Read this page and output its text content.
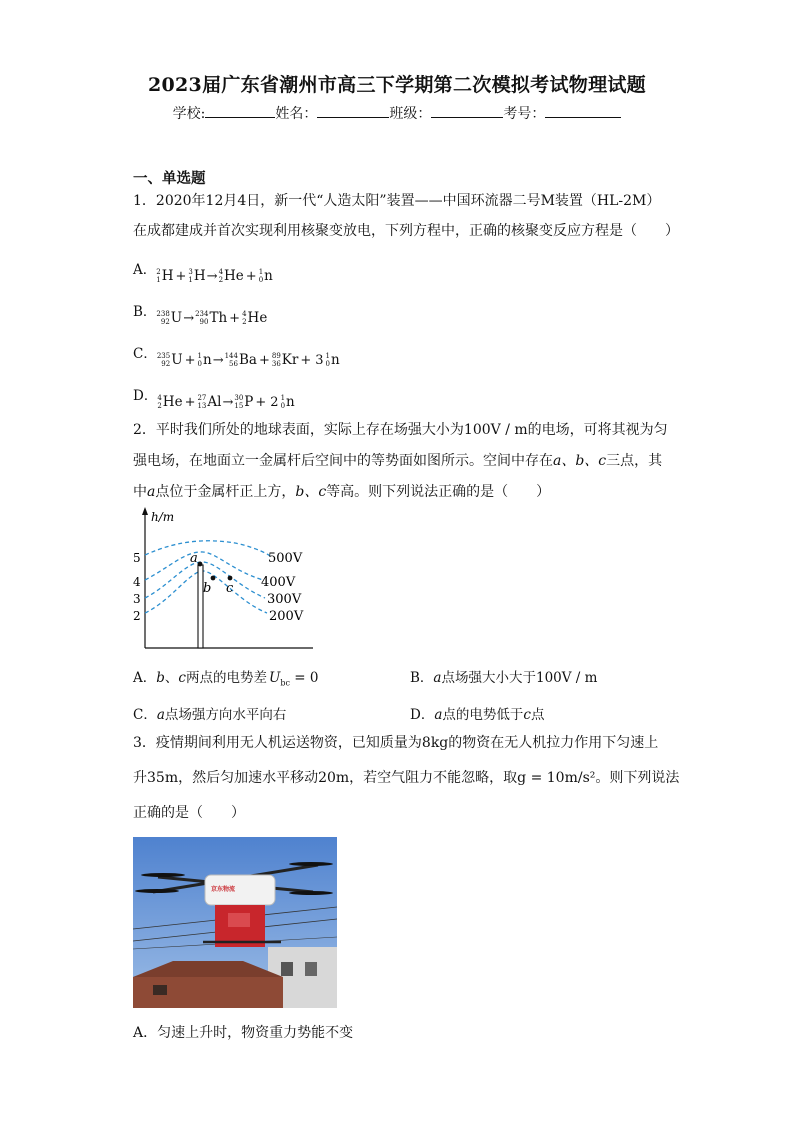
2023届广东省潮州市高三下学期第二次模拟考试物理试题
学校:	姓名：	班级：	考号：
一、单选题
1．2020年12月4日，新一代“人造太阳”装置——中国环流器二号M装置（HL-2M）
在成都建成并首次实现利用核聚变放电，下列方程中，正确的核聚变反应方程是（　　）
A． 2
1 H + 3
1 H → 4
2 He + 1
0 n
B． 238
92 U → 234
90 Th + 4
2 He
C． 235
92 U + 1
0 n → 144
56 Ba + 89
36 Kr + 3 1
0 n
D． 4
2 He + 27
13 Al → 30
15 P + 2 1
0 n
2．平时我们所处的地球表面，实际上存在场强大小为100V / m的电场，可将其视为匀
强电场，在地面立一金属杆后空间中的等势面如图所示。空间中存在a、b、c三点，其
中a点位于金属杆正上方，b、c等高。则下列说法正确的是（　　）
h/m
5
4
3
2
500V
400V
300V
200V
a
b c
A．b、c两点的电势差 $U_{bc} = 0$	B．a点场强大小大于100V / m
C．a点场强方向水平向右	D．a点的电势低于c点
3．疫情期间利用无人机运送物资，已知质量为8kg的物资在无人机拉力作用下匀速上
升35m，然后匀加速水平移动20m，若空气阻力不能忽略，取g = 10m/s²。则下列说法
正确的是（　　）
京东物流
A．匀速上升时，物资重力势能不变
